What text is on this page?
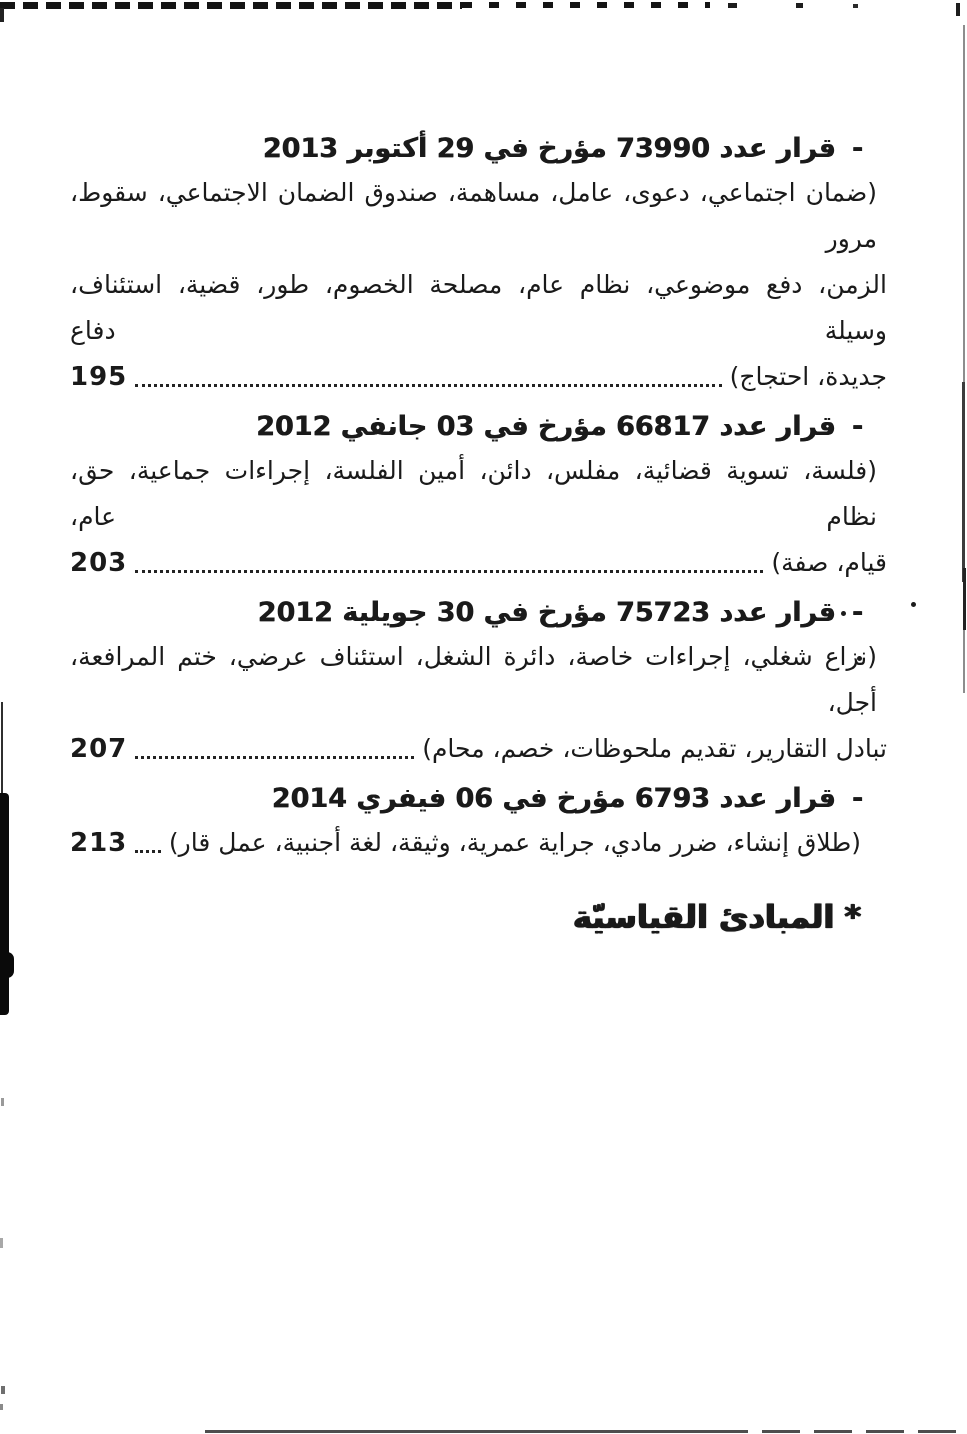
-قرار عدد 73990 مؤرخ في 29 أكتوبر 2013
(ضمان اجتماعي، دعوى، عامل، مساهمة، صندوق الضمان الاجتماعي، سقوط، مرور
الزمن، دفع موضوعي، نظام عام، مصلحة الخصوم، طور، قضية، استئناف، وسيلة دفاع
جديدة، احتجاج)
195
-قرار عدد 66817 مؤرخ في 03 جانفي 2012
(فلسة، تسوية قضائية، مفلس، دائن، أمين الفلسة، إجراءات جماعية، حق، نظام عام،
قيام، صفة)
203
-قرار عدد 75723 مؤرخ في 30 جويلية 2012
(نزاع شغلي، إجراءات خاصة، دائرة الشغل، استئناف عرضي، ختم المرافعة، أجل،
تبادل التقارير، تقديم ملحوظات، خصم، محام)
207
-قرار عدد 6793 مؤرخ في 06 فيفري 2014
(طلاق إنشاء، ضرر مادي، جراية عمرية، وثيقة، لغة أجنبية، عمل قار)
213
*المبادئ القياسيّة
